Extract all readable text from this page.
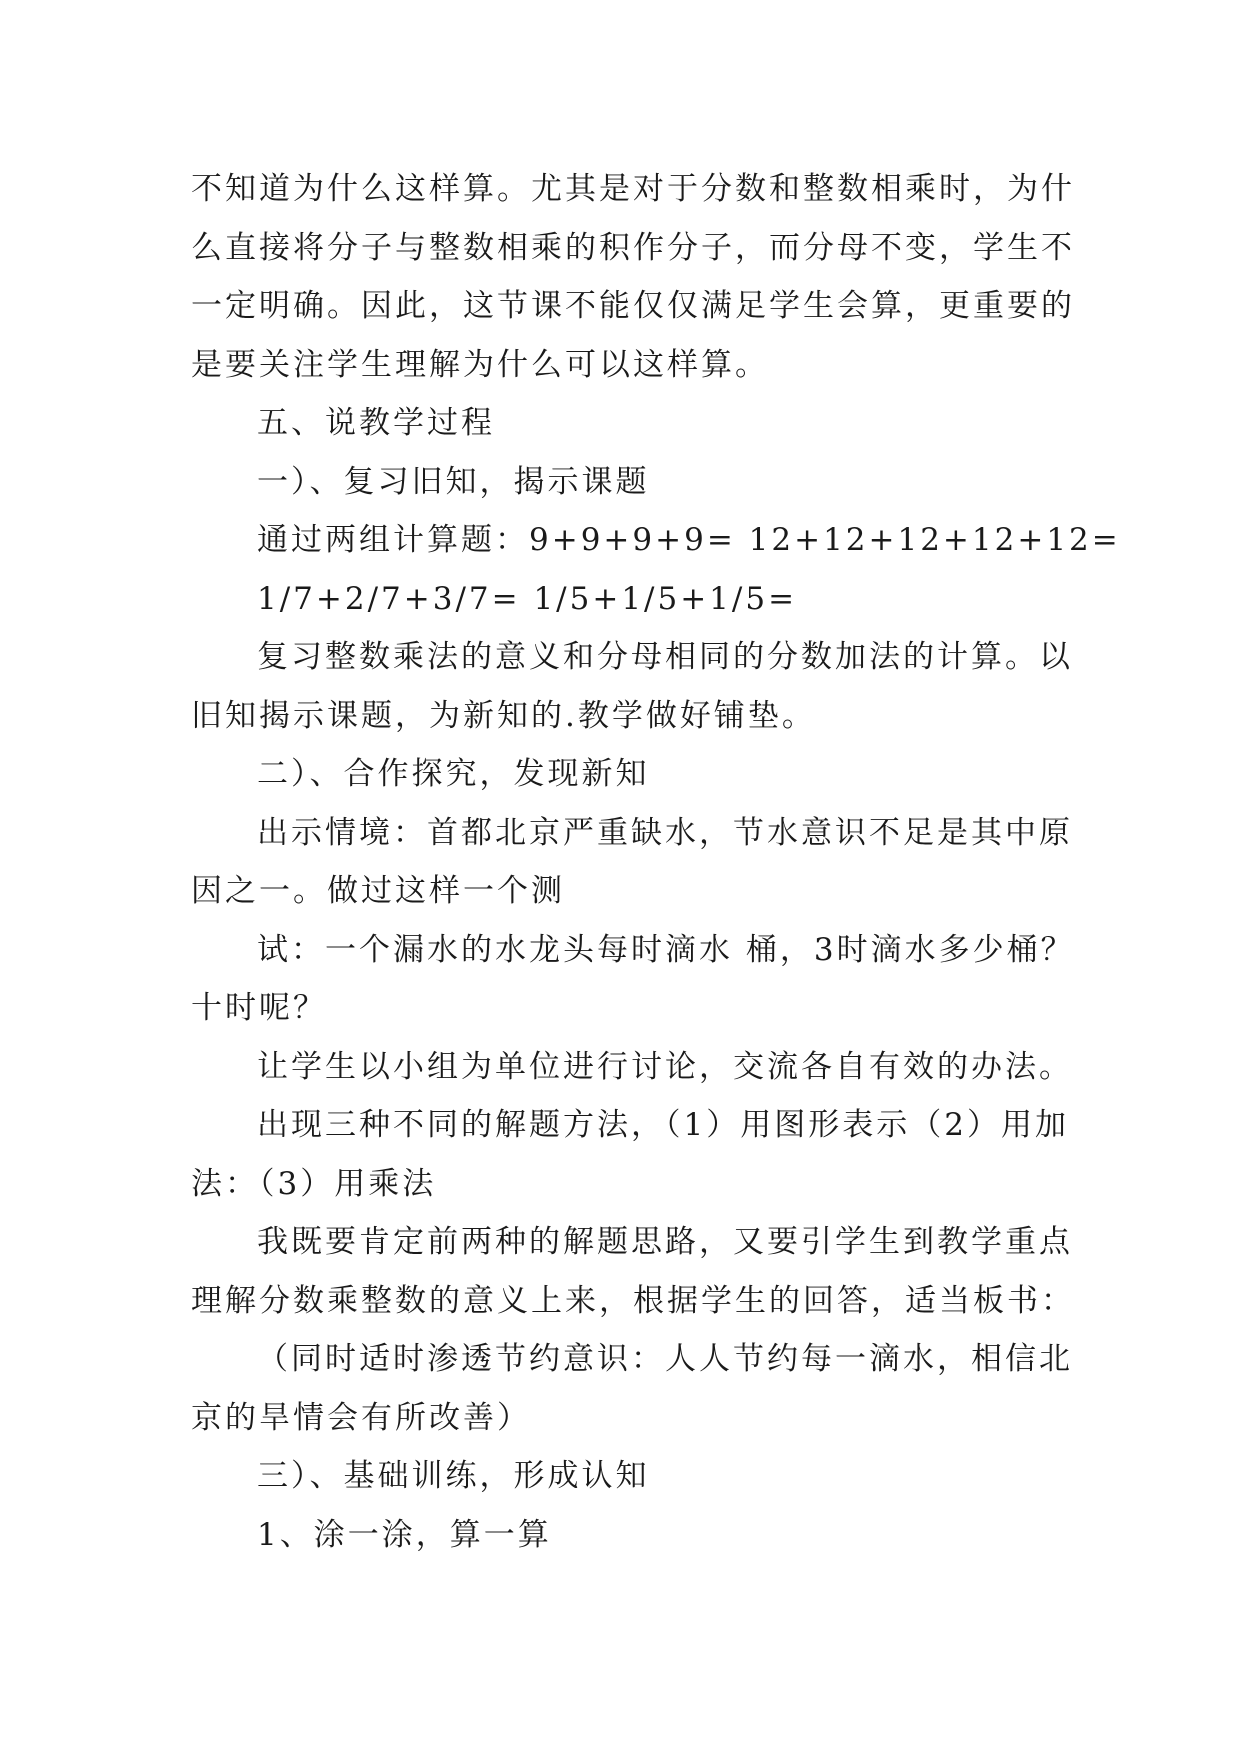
不知道为什么这样算。尤其是对于分数和整数相乘时，为什

么直接将分子与整数相乘的积作分子，而分母不变，学生不

一定明确。因此，这节课不能仅仅满足学生会算，更重要的

是要关注学生理解为什么可以这样算。

五、说教学过程

一）、复习旧知，揭示课题

通过两组计算题：9+9+9+9= 12+12+12+12+12=

1/7+2/7+3/7= 1/5+1/5+1/5=

复习整数乘法的意义和分母相同的分数加法的计算。以

旧知揭示课题，为新知的.教学做好铺垫。

二）、合作探究，发现新知

出示情境：首都北京严重缺水，节水意识不足是其中原

因之一。做过这样一个测

试：一个漏水的水龙头每时滴水 桶，3时滴水多少桶？

十时呢？

让学生以小组为单位进行讨论，交流各自有效的办法。

出现三种不同的解题方法，（1）用图形表示（2）用加

法：（3）用乘法

我既要肯定前两种的解题思路，又要引学生到教学重点

理解分数乘整数的意义上来，根据学生的回答，适当板书：

（同时适时渗透节约意识：人人节约每一滴水，相信北

京的旱情会有所改善）

三）、基础训练，形成认知

1、涂一涂，算一算
